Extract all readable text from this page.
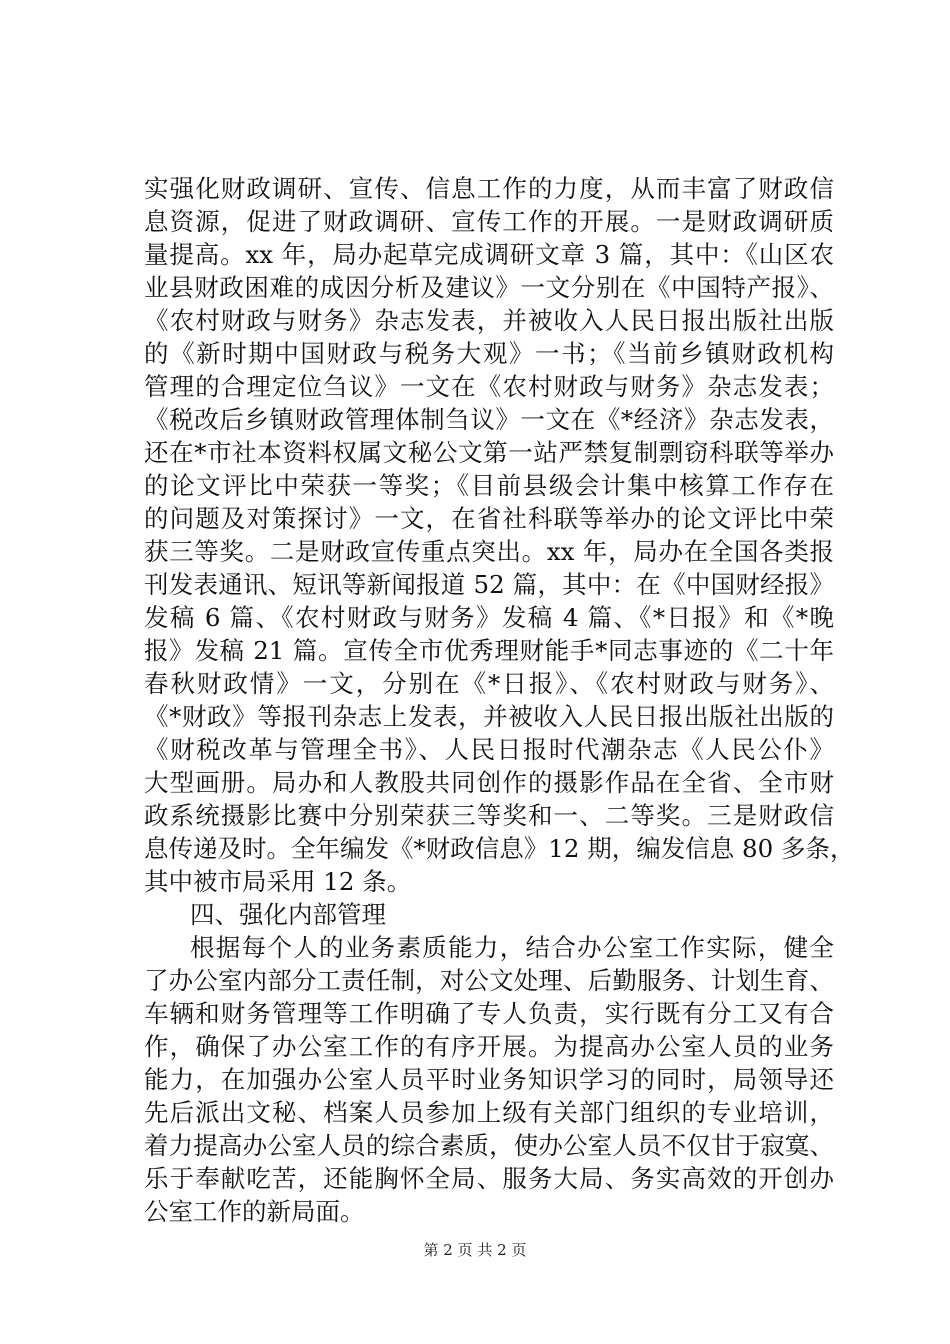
实强化财政调研、宣传、信息工作的力度，从而丰富了财政信
息资源，促进了财政调研、宣传工作的开展。一是财政调研质
量提高。xx 年，局办起草完成调研文章 3 篇，其中：《山区农
业县财政困难的成因分析及建议》一文分别在《中国特产报》、
《农村财政与财务》杂志发表，并被收入人民日报出版社出版
的《新时期中国财政与税务大观》一书；《当前乡镇财政机构
管理的合理定位刍议》一文在《农村财政与财务》杂志发表；
《税改后乡镇财政管理体制刍议》一文在《*经济》杂志发表，
还在*市社本资料权属文秘公文第一站严禁复制剽窃科联等举办
的论文评比中荣获一等奖；《目前县级会计集中核算工作存在
的问题及对策探讨》一文，在省社科联等举办的论文评比中荣
获三等奖。二是财政宣传重点突出。xx 年，局办在全国各类报
刊发表通讯、短讯等新闻报道 52 篇，其中：在《中国财经报》
发稿 6 篇、《农村财政与财务》发稿 4 篇、《*日报》和《*晚
报》发稿 21 篇。宣传全市优秀理财能手*同志事迹的《二十年
春秋财政情》一文，分别在《*日报》、《农村财政与财务》、
《*财政》等报刊杂志上发表，并被收入人民日报出版社出版的
《财税改革与管理全书》、人民日报时代潮杂志《人民公仆》
大型画册。局办和人教股共同创作的摄影作品在全省、全市财
政系统摄影比赛中分别荣获三等奖和一、二等奖。三是财政信
息传递及时。全年编发《*财政信息》12 期，编发信息 80 多条，
其中被市局采用 12 条。
四、强化内部管理
根据每个人的业务素质能力，结合办公室工作实际，健全
了办公室内部分工责任制，对公文处理、后勤服务、计划生育、
车辆和财务管理等工作明确了专人负责，实行既有分工又有合
作，确保了办公室工作的有序开展。为提高办公室人员的业务
能力，在加强办公室人员平时业务知识学习的同时，局领导还
先后派出文秘、档案人员参加上级有关部门组织的专业培训，
着力提高办公室人员的综合素质，使办公室人员不仅甘于寂寞、
乐于奉献吃苦，还能胸怀全局、服务大局、务实高效的开创办
公室工作的新局面。
第 2 页 共 2 页
